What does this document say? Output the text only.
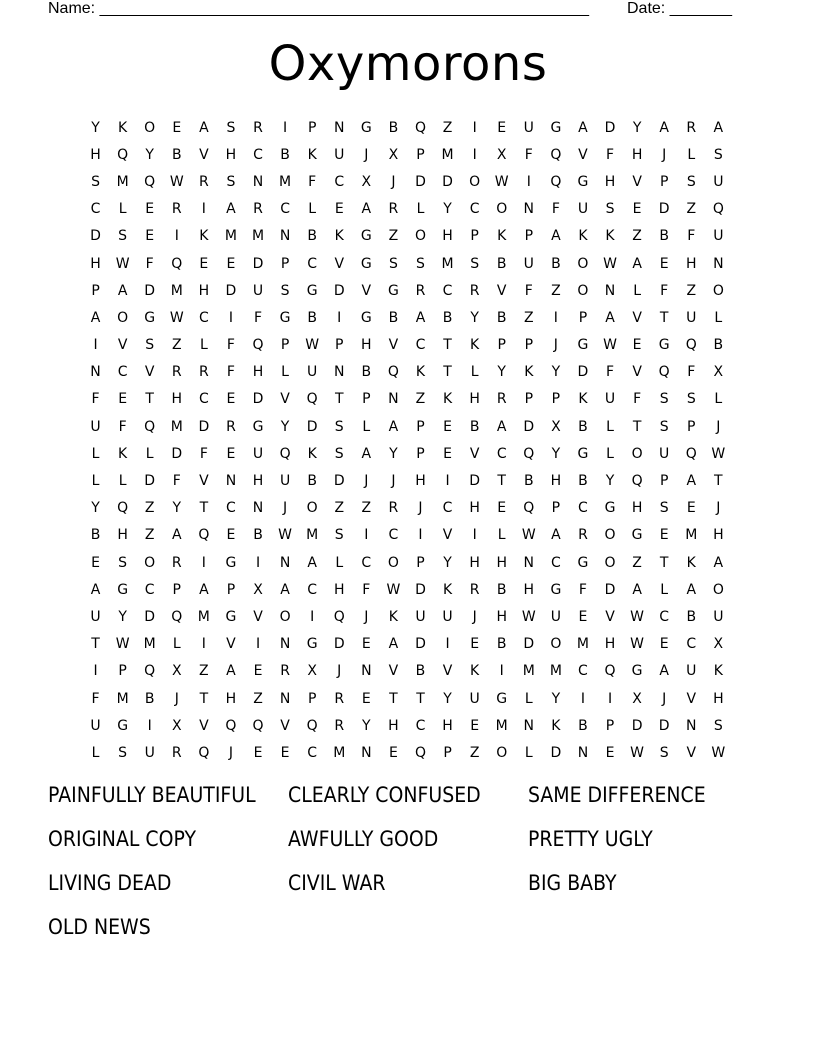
Name: _______________________________________________________ Date: _______
Oxymorons
Y	K	O	E	A	S	R	I	P	N	G	B	Q	Z	I	E	U	G	A	D	Y	A	R	A
H	Q	Y	B	V	H	C	B	K	U	J	X	P	M	I	X	F	Q	V	F	H	J	L	S
S	M	Q	W	R	S	N	M	F	C	X	J	D	D	O	W	I	Q	G	H	V	P	S	U
C	L	E	R	I	A	R	C	L	E	A	R	L	Y	C	O	N	F	U	S	E	D	Z	Q
D	S	E	I	K	M	M	N	B	K	G	Z	O	H	P	K	P	A	K	K	Z	B	F	U
H	W	F	Q	E	E	D	P	C	V	G	S	S	M	S	B	U	B	O	W	A	E	H	N
P	A	D	M	H	D	U	S	G	D	V	G	R	C	R	V	F	Z	O	N	L	F	Z	O
A	O	G	W	C	I	F	G	B	I	G	B	A	B	Y	B	Z	I	P	A	V	T	U	L
I	V	S	Z	L	F	Q	P	W	P	H	V	C	T	K	P	P	J	G	W	E	G	Q	B
N	C	V	R	R	F	H	L	U	N	B	Q	K	T	L	Y	K	Y	D	F	V	Q	F	X
F	E	T	H	C	E	D	V	Q	T	P	N	Z	K	H	R	P	P	K	U	F	S	S	L
U	F	Q	M	D	R	G	Y	D	S	L	A	P	E	B	A	D	X	B	L	T	S	P	J
L	K	L	D	F	E	U	Q	K	S	A	Y	P	E	V	C	Q	Y	G	L	O	U	Q	W
L	L	D	F	V	N	H	U	B	D	J	J	H	I	D	T	B	H	B	Y	Q	P	A	T
Y	Q	Z	Y	T	C	N	J	O	Z	Z	R	J	C	H	E	Q	P	C	G	H	S	E	J
B	H	Z	A	Q	E	B	W	M	S	I	C	I	V	I	L	W	A	R	O	G	E	M	H
E	S	O	R	I	G	I	N	A	L	C	O	P	Y	H	H	N	C	G	O	Z	T	K	A
A	G	C	P	A	P	X	A	C	H	F	W	D	K	R	B	H	G	F	D	A	L	A	O
U	Y	D	Q	M	G	V	O	I	Q	J	K	U	U	J	H	W	U	E	V	W	C	B	U
T	W	M	L	I	V	I	N	G	D	E	A	D	I	E	B	D	O	M	H	W	E	C	X
I	P	Q	X	Z	A	E	R	X	J	N	V	B	V	K	I	M	M	C	Q	G	A	U	K
F	M	B	J	T	H	Z	N	P	R	E	T	T	Y	U	G	L	Y	I	I	X	J	V	H
U	G	I	X	V	Q	Q	V	Q	R	Y	H	C	H	E	M	N	K	B	P	D	D	N	S
L	S	U	R	Q	J	E	E	C	M	N	E	Q	P	Z	O	L	D	N	E	W	S	V	W
PAINFULLY BEAUTIFUL	CLEARLY CONFUSED	SAME DIFFERENCE
ORIGINAL COPY	AWFULLY GOOD	PRETTY UGLY
LIVING DEAD	CIVIL WAR	BIG BABY
OLD NEWS
